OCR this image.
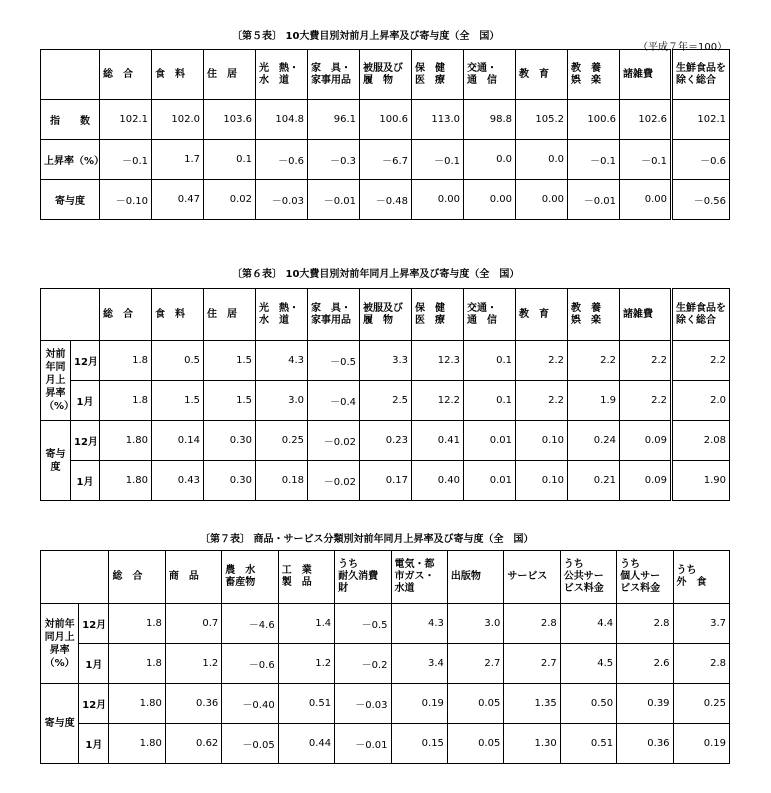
〔第５表〕 10大費目別対前月上昇率及び寄与度（全　国）
（平成７年＝100）

	総　合	食　料	住　居	光　熱・
水　道	家　具・
家事用品	被服及び
履　物	保　健
医　療	交通・
通　信	教　育	教　養
娯　楽	諸雑費	生鮮食品を
除く総合

指　　数	102.1	102.0	103.6	104.8	96.1	100.6	113.0	98.8	105.2	100.6	102.6	102.1
上昇率（%）	－0.1	1.7	0.1	－0.6	－0.3	－6.7	－0.1	0.0	0.0	－0.1	－0.1	－0.6
寄与度	－0.10	0.47	0.02	－0.03	－0.01	－0.48	0.00	0.00	0.00	－0.01	0.00	－0.56
〔第６表〕 10大費目別対前年同月上昇率及び寄与度（全　国）

		総　合	食　料	住　居	光　熱・
水　道	家　具・
家事用品	被服及び
履　物	保　健
医　療	交通・
通　信	教　育	教　養
娯　楽	諸雑費	生鮮食品を
除く総合

対前年同月上昇率（%）	12月	1.8	0.5	1.5	4.3	－0.5	3.3	12.3	0.1	2.2	2.2	2.2	2.2
	1月	1.8	1.5	1.5	3.0	－0.4	2.5	12.2	0.1	2.2	1.9	2.2	2.0
寄与度	12月	1.80	0.14	0.30	0.25	－0.02	0.23	0.41	0.01	0.10	0.24	0.09	2.08
	1月	1.80	0.43	0.30	0.18	－0.02	0.17	0.40	0.01	0.10	0.21	0.09	1.90
〔第７表〕 商品・サービス分類別対前年同月上昇率及び寄与度（全　国）

		総　合	商　品	農　水
畜産物	工　業
製　品	うち
耐久消費財	電気・都
市ガス・水道	出版物	サービス	うち
公共サービス料金	うち
個人サービス料金	うち
外　食

対前年同月上昇率（%）	12月	1.8	0.7	－4.6	1.4	－0.5	4.3	3.0	2.8	4.4	2.8	3.7
	1月	1.8	1.2	－0.6	1.2	－0.2	3.4	2.7	2.7	4.5	2.6	2.8
寄与度	12月	1.80	0.36	－0.40	0.51	－0.03	0.19	0.05	1.35	0.50	0.39	0.25
	1月	1.80	0.62	－0.05	0.44	－0.01	0.15	0.05	1.30	0.51	0.36	0.19
